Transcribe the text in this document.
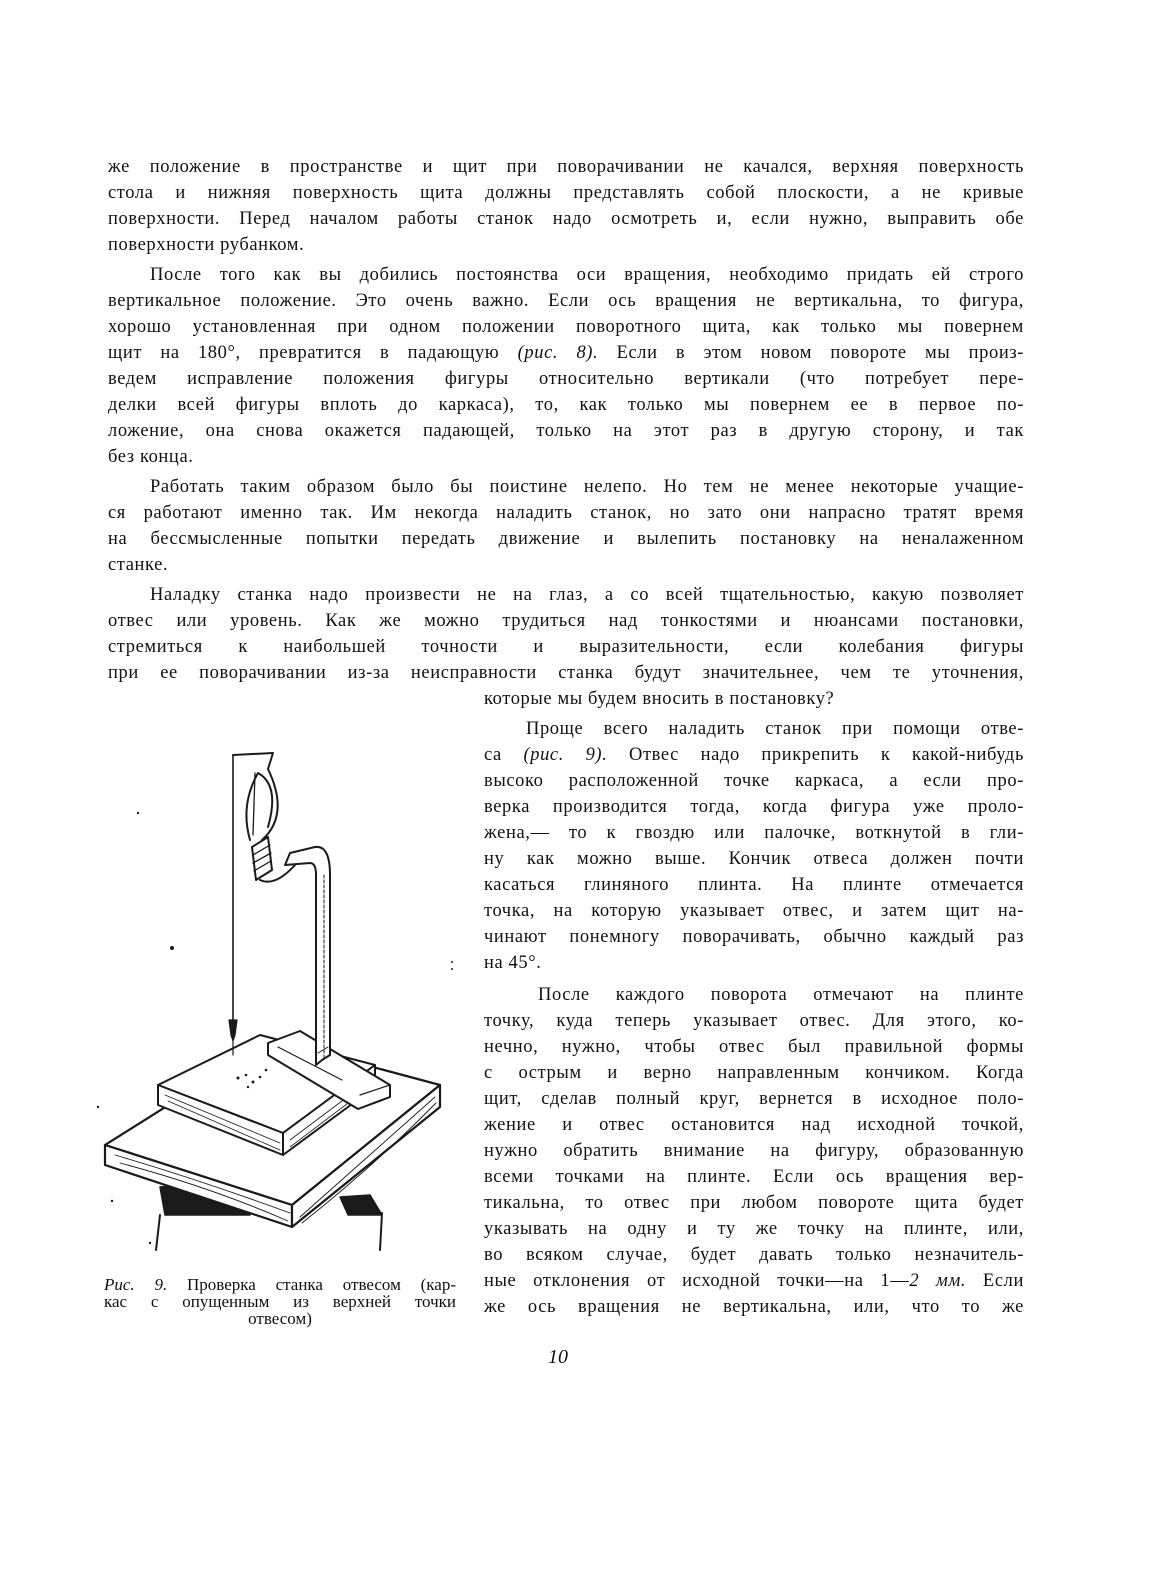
же положение в пространстве и щит при поворачивании не качался, верхняя поверхность
стола и нижняя поверхность щита должны представлять собой плоскости, а не кривые
поверхности. Перед началом работы станок надо осмотреть и, если нужно, выправить обе
поверхности рубанком.
После того как вы добились постоянства оси вращения, необходимо придать ей строго
вертикальное положение. Это очень важно. Если ось вращения не вертикальна, то фигура,
хорошо установленная при одном положении поворотного щита, как только мы повернем
щит на 180°, превратится в падающую (рис. 8). Если в этом новом повороте мы произ-
ведем исправление положения фигуры относительно вертикали (что потребует пере-
делки всей фигуры вплоть до каркаса), то, как только мы повернем ее в первое по-
ложение, она снова окажется падающей, только на этот раз в другую сторону, и так
без конца.
Работать таким образом было бы поистине нелепо. Но тем не менее некоторые учащие-
ся работают именно так. Им некогда наладить станок, но зато они напрасно тратят время
на бессмысленные попытки передать движение и вылепить постановку на неналаженном
станке.
Наладку станка надо произвести не на глаз, а со всей тщательностью, какую позволяет
отвес или уровень. Как же можно трудиться над тонкостями и нюансами постановки,
стремиться к наибольшей точности и выразительности, если колебания фигуры
при ее поворачивании из-за неисправности станка будут значительнее, чем те уточнения,
которые мы будем вносить в постановку?
Проще всего наладить станок при помощи отве-
са (рис. 9). Отвес надо прикрепить к какой-нибудь
высоко расположенной точке каркаса, а если про-
верка производится тогда, когда фигура уже проло-
жена,— то к гвоздю или палочке, воткнутой в гли-
ну как можно выше. Кончик отвеса должен почти
касаться глиняного плинта. На плинте отмечается
точка, на которую указывает отвес, и затем щит на-
чинают понемногу поворачивать, обычно каждый раз
на 45°.
После каждого поворота отмечают на плинте
точку, куда теперь указывает отвес. Для этого, ко-
нечно, нужно, чтобы отвес был правильной формы
с острым и верно направленным кончиком. Когда
щит, сделав полный круг, вернется в исходное поло-
жение и отвес остановится над исходной точкой,
нужно обратить внимание на фигуру, образованную
всеми точками на плинте. Если ось вращения вер-
тикальна, то отвес при любом повороте щита будет
указывать на одну и ту же точку на плинте, или,
во всяком случае, будет давать только незначитель-
ные отклонения от исходной точки—на 1—2 мм. Если
же ось вращения не вертикальна, или, что то же
Рис. 9. Проверка станка отвесом (кар-
кас с опущенным из верхней точки
отвесом)
10
